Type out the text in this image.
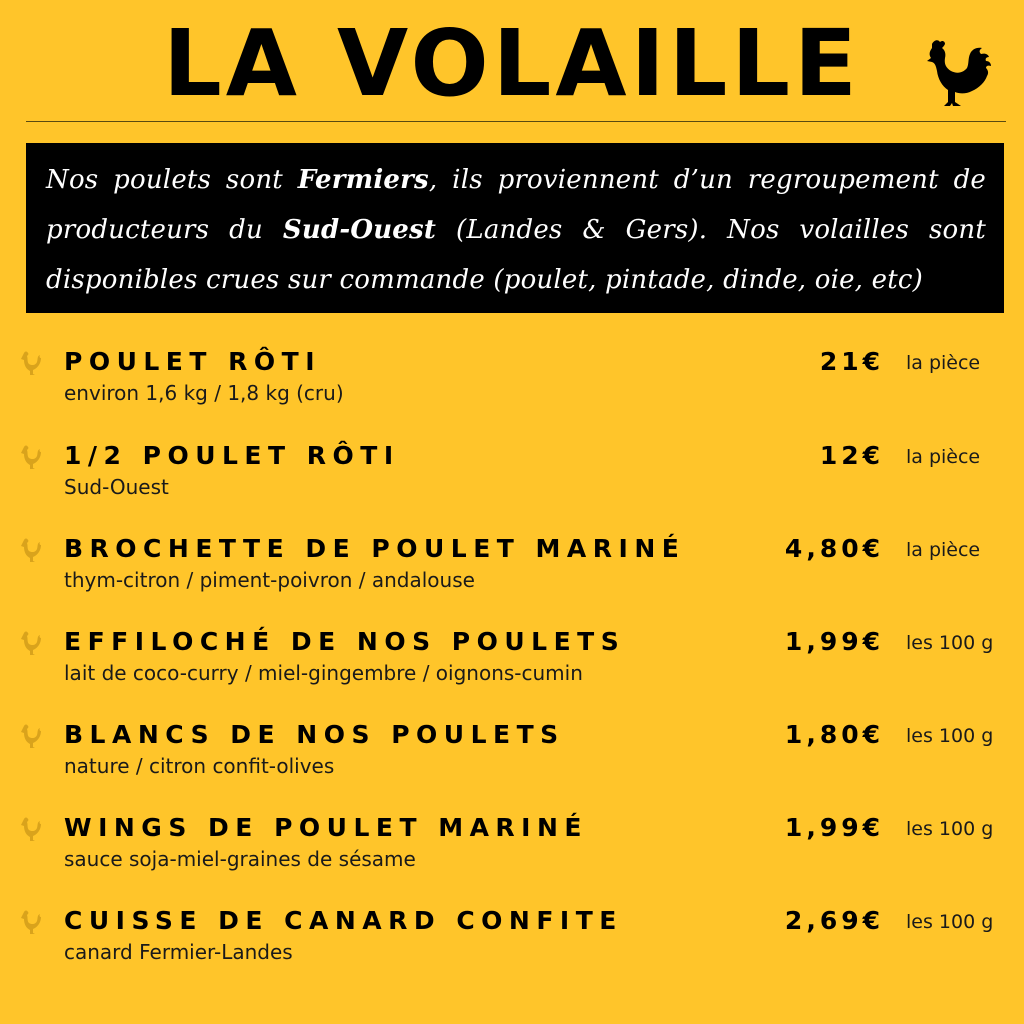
LA VOLAILLE

Nos poulets sont Fermiers, ils proviennent d’un regroupement de producteurs du Sud-Ouest (Landes & Gers). Nos volailles sont disponibles crues sur commande (poulet, pintade, dinde, oie, etc)

POULET RÔTI
environ 1,6 kg / 1,8 kg (cru)
21€ la pièce
1/2 POULET RÔTI
Sud-Ouest
12€ la pièce
BROCHETTE DE POULET MARINÉ
thym-citron / piment-poivron / andalouse
4,80€ la pièce
EFFILOCHÉ DE NOS POULETS
lait de coco-curry / miel-gingembre / oignons-cumin
1,99€ les 100 g
BLANCS DE NOS POULETS
nature / citron confit-olives
1,80€ les 100 g
WINGS DE POULET MARINÉ
sauce soja-miel-graines de sésame
1,99€ les 100 g
CUISSE DE CANARD CONFITE
canard Fermier-Landes
2,69€ les 100 g
